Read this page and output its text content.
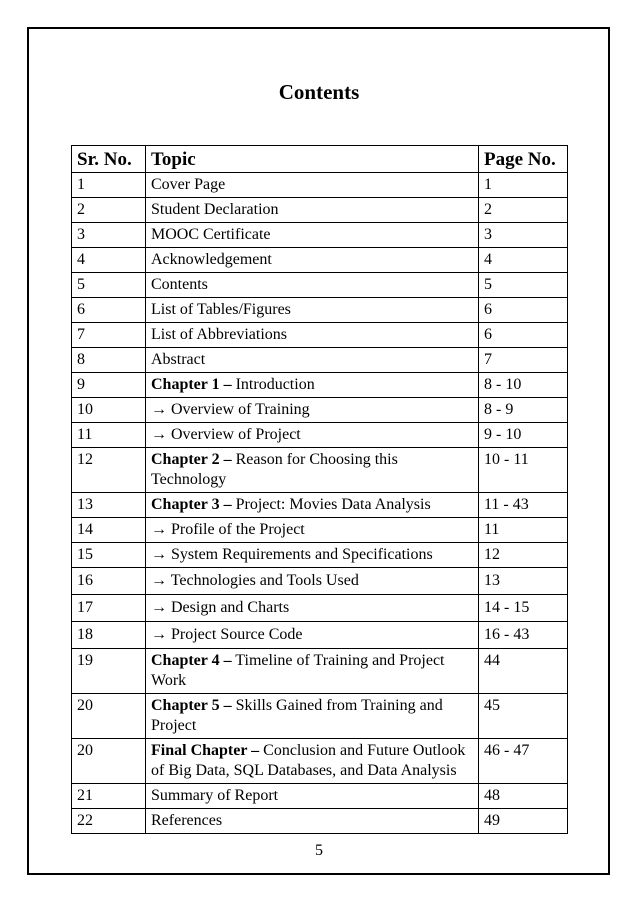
Contents
Sr. No.	Topic	Page No.
1	Cover Page	1
2	Student Declaration	2
3	MOOC Certificate	3
4	Acknowledgement	4
5	Contents	5
6	List of Tables/Figures	6
7	List of Abbreviations	6
8	Abstract	7
9	Chapter 1 – Introduction	8 - 10
10	→ Overview of Training	8 - 9
11	→ Overview of Project	9 - 10
12	Chapter 2 – Reason for Choosing this Technology	10 - 11
13	Chapter 3 – Project: Movies Data Analysis	11 - 43
14	→ Profile of the Project	11
15	→ System Requirements and Specifications	12
16	→ Technologies and Tools Used	13
17	→ Design and Charts	14 - 15
18	→ Project Source Code	16 - 43
19	Chapter 4 – Timeline of Training and Project Work	44
20	Chapter 5 – Skills Gained from Training and Project	45
20	Final Chapter – Conclusion and Future Outlook of Big Data, SQL Databases, and Data Analysis	46 - 47
21	Summary of Report	48
22	References	49
5
